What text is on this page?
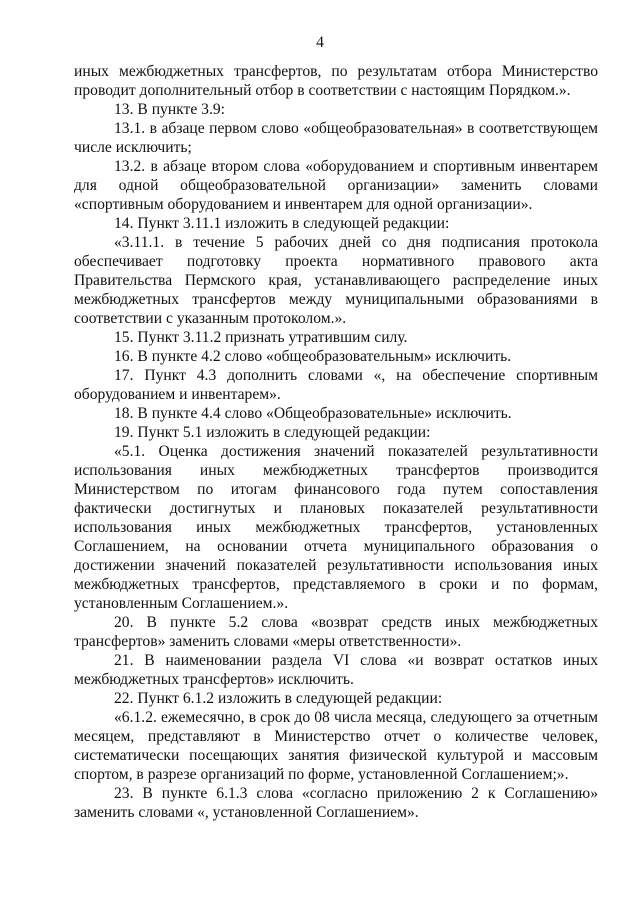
4

иных межбюджетных трансфертов, по результатам отбора Министерство проводит дополнительный отбор в соответствии с настоящим Порядком.».

13. В пункте 3.9:

13.1. в абзаце первом слово «общеобразовательная» в соответствующем числе исключить;

13.2. в абзаце втором слова «оборудованием и спортивным инвентарем для одной общеобразовательной организации» заменить словами «спортивным оборудованием и инвентарем для одной организации».

14. Пункт 3.11.1 изложить в следующей редакции:

«3.11.1. в течение 5 рабочих дней со дня подписания протокола обеспечивает подготовку проекта нормативного правового акта Правительства Пермского края, устанавливающего распределение иных межбюджетных трансфертов между муниципальными образованиями в соответствии с указанным протоколом.».

15. Пункт 3.11.2 признать утратившим силу.

16. В пункте 4.2 слово «общеобразовательным» исключить.

17. Пункт 4.3 дополнить словами «, на обеспечение спортивным оборудованием и инвентарем».

18. В пункте 4.4 слово «Общеобразовательные» исключить.

19. Пункт 5.1 изложить в следующей редакции:

«5.1. Оценка достижения значений показателей результативности использования иных межбюджетных трансфертов производится Министерством по итогам финансового года путем сопоставления фактически достигнутых и плановых показателей результативности использования иных межбюджетных трансфертов, установленных Соглашением, на основании отчета муниципального образования о достижении значений показателей результативности использования иных межбюджетных трансфертов, представляемого в сроки и по формам, установленным Соглашением.».

20. В пункте 5.2 слова «возврат средств иных межбюджетных трансфертов» заменить словами «меры ответственности».

21. В наименовании раздела VI слова «и возврат остатков иных межбюджетных трансфертов» исключить.

22. Пункт 6.1.2 изложить в следующей редакции:

«6.1.2. ежемесячно, в срок до 08 числа месяца, следующего за отчетным месяцем, представляют в Министерство отчет о количестве человек, систематически посещающих занятия физической культурой и массовым спортом, в разрезе организаций по форме, установленной Соглашением;».

23. В пункте 6.1.3 слова «согласно приложению 2 к Соглашению» заменить словами «, установленной Соглашением».
